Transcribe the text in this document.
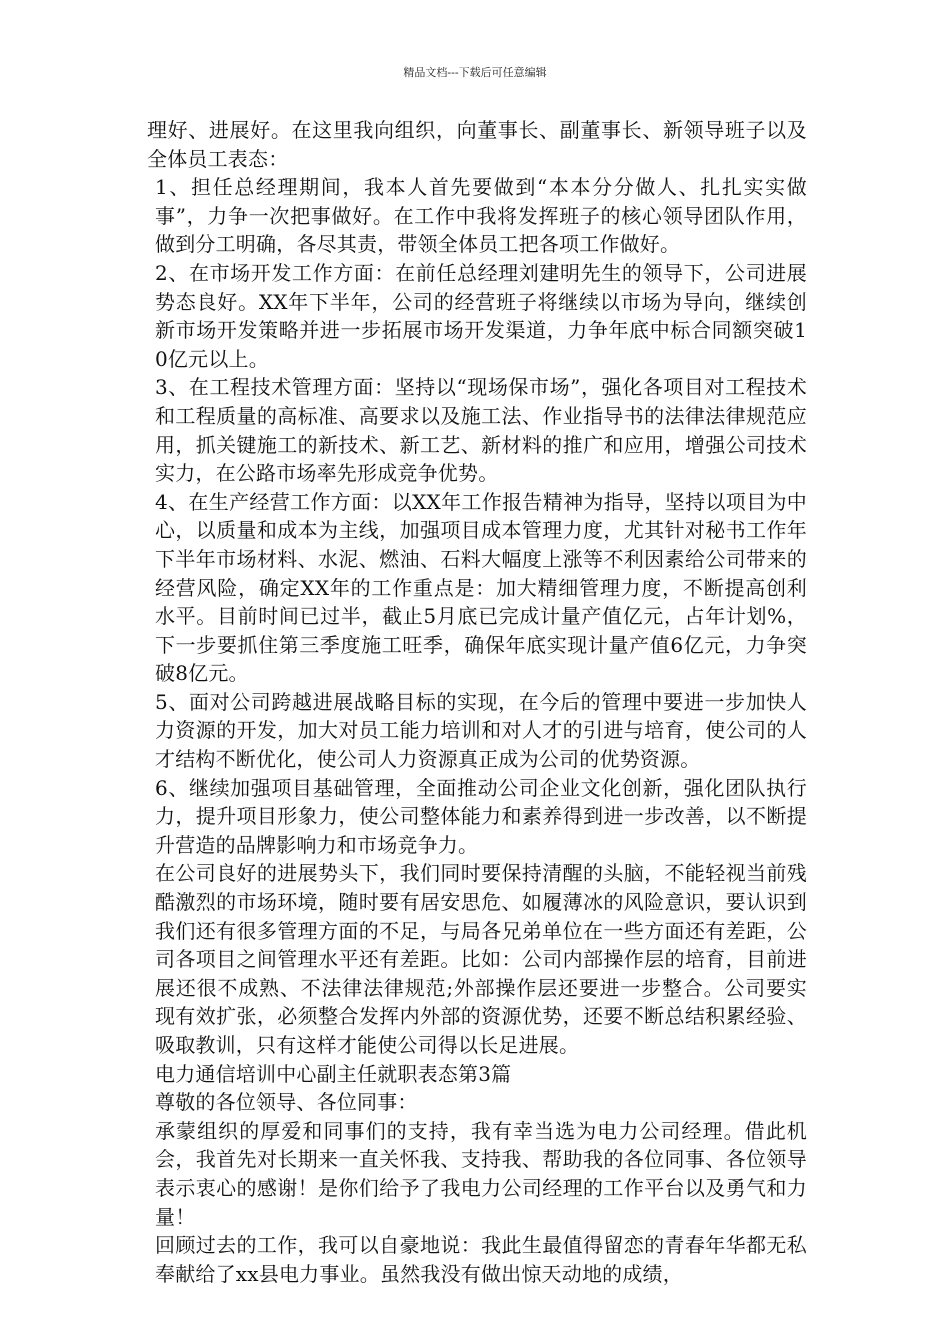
精品文档---下载后可任意编辑

理好、进展好。在这里我向组织，向董事长、副董事长、新领导班子以及全体员工表态：

1、担任总经理期间，我本人首先要做到“本本分分做人、扎扎实实做事”，力争一次把事做好。在工作中我将发挥班子的核心领导团队作用，做到分工明确，各尽其责，带领全体员工把各项工作做好。

2、在市场开发工作方面：在前任总经理刘建明先生的领导下，公司进展势态良好。XX年下半年，公司的经营班子将继续以市场为导向，继续创新市场开发策略并进一步拓展市场开发渠道，力争年底中标合同额突破10亿元以上。

3、在工程技术管理方面：坚持以“现场保市场”，强化各项目对工程技术和工程质量的高标准、高要求以及施工法、作业指导书的法律法律规范应用，抓关键施工的新技术、新工艺、新材料的推广和应用，增强公司技术实力，在公路市场率先形成竞争优势。

4、在生产经营工作方面：以XX年工作报告精神为指导，坚持以项目为中心，以质量和成本为主线，加强项目成本管理力度，尤其针对秘书工作年下半年市场材料、水泥、燃油、石料大幅度上涨等不利因素给公司带来的经营风险，确定XX年的工作重点是：加大精细管理力度，不断提高创利水平。目前时间已过半，截止5月底已完成计量产值亿元，占年计划%，下一步要抓住第三季度施工旺季，确保年底实现计量产值6亿元，力争突破8亿元。

5、面对公司跨越进展战略目标的实现，在今后的管理中要进一步加快人力资源的开发，加大对员工能力培训和对人才的引进与培育，使公司的人才结构不断优化，使公司人力资源真正成为公司的优势资源。

6、继续加强项目基础管理，全面推动公司企业文化创新，强化团队执行力，提升项目形象力，使公司整体能力和素养得到进一步改善，以不断提升营造的品牌影响力和市场竞争力。

在公司良好的进展势头下，我们同时要保持清醒的头脑，不能轻视当前残酷激烈的市场环境，随时要有居安思危、如履薄冰的风险意识，要认识到我们还有很多管理方面的不足，与局各兄弟单位在一些方面还有差距，公司各项目之间管理水平还有差距。比如：公司内部操作层的培育，目前进展还很不成熟、不法律法律规范;外部操作层还要进一步整合。公司要实现有效扩张，必须整合发挥内外部的资源优势，还要不断总结积累经验、吸取教训，只有这样才能使公司得以长足进展。

电力通信培训中心副主任就职表态第3篇

尊敬的各位领导、各位同事：

承蒙组织的厚爱和同事们的支持，我有幸当选为电力公司经理。借此机会，我首先对长期来一直关怀我、支持我、帮助我的各位同事、各位领导表示衷心的感谢！是你们给予了我电力公司经理的工作平台以及勇气和力量！

回顾过去的工作，我可以自豪地说：我此生最值得留恋的青春年华都无私奉献给了xx县电力事业。虽然我没有做出惊天动地的成绩，
